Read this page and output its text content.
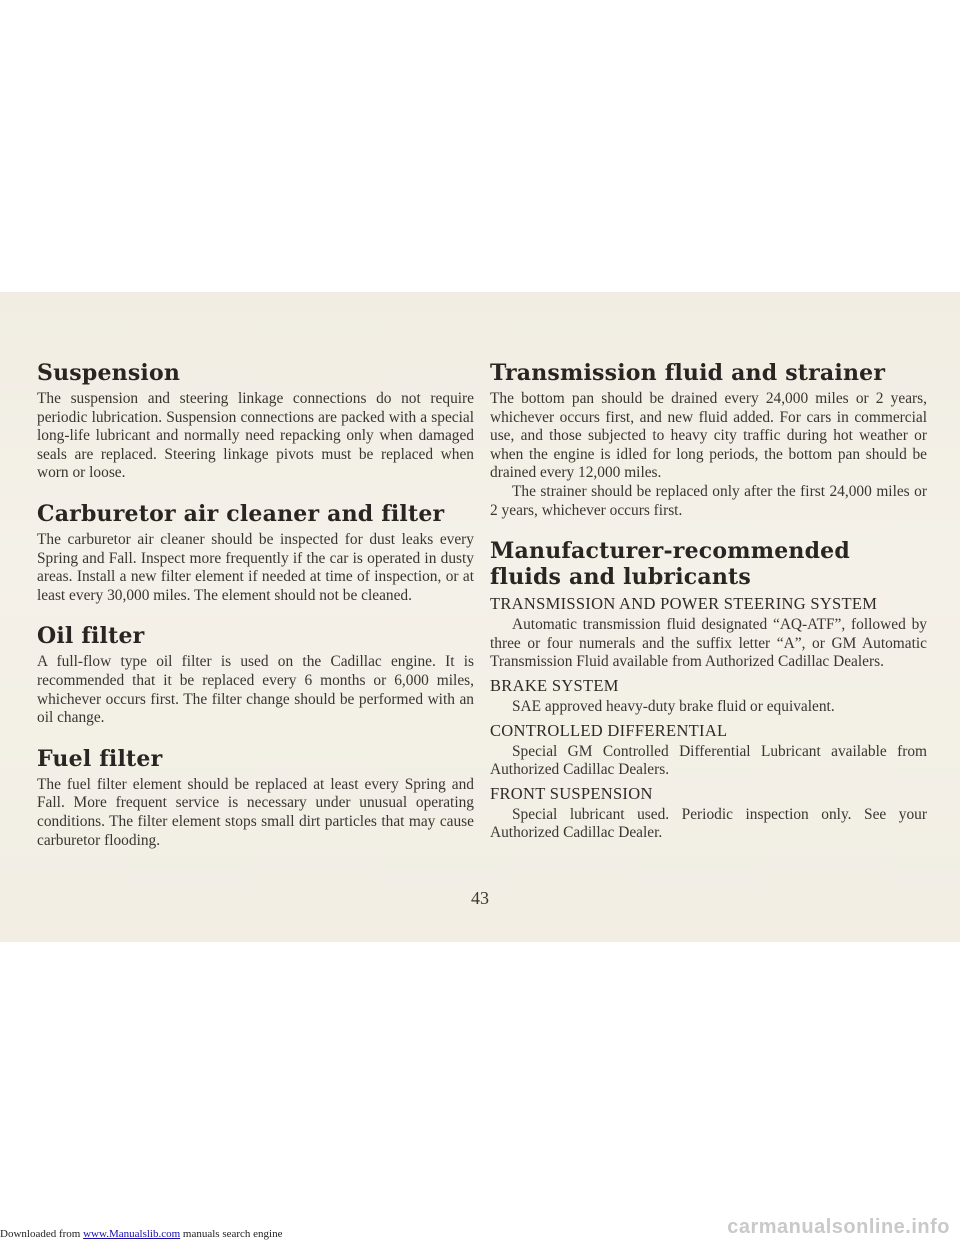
Suspension

The suspension and steering linkage connections do not require periodic lubrication. Suspension connections are packed with a special long-life lubricant and normally need repacking only when damaged seals are replaced. Steering linkage pivots must be replaced when worn or loose.

Carburetor air cleaner and filter

The carburetor air cleaner should be inspected for dust leaks every Spring and Fall. Inspect more frequently if the car is operated in dusty areas. Install a new filter element if needed at time of inspection, or at least every 30,000 miles. The element should not be cleaned.

Oil filter

A full-flow type oil filter is used on the Cadillac engine. It is recommended that it be replaced every 6 months or 6,000 miles, whichever occurs first. The filter change should be performed with an oil change.

Fuel filter

The fuel filter element should be replaced at least every Spring and Fall. More frequent service is necessary under unusual operating conditions. The filter element stops small dirt particles that may cause carburetor flooding.

Transmission fluid and strainer

The bottom pan should be drained every 24,000 miles or 2 years, whichever occurs first, and new fluid added. For cars in commercial use, and those subjected to heavy city traffic during hot weather or when the engine is idled for long periods, the bottom pan should be drained every 12,000 miles.

The strainer should be replaced only after the first 24,000 miles or 2 years, whichever occurs first.

Manufacturer-recommended fluids and lubricants
TRANSMISSION AND POWER STEERING SYSTEM

Automatic transmission fluid designated “AQ-ATF”, followed by three or four numerals and the suffix letter “A”, or GM Automatic Transmission Fluid available from Authorized Cadillac Dealers.

BRAKE SYSTEM

SAE approved heavy-duty brake fluid or equivalent.

CONTROLLED DIFFERENTIAL

Special GM Controlled Differential Lubricant available from Authorized Cadillac Dealers.

FRONT SUSPENSION

Special lubricant used. Periodic inspection only. See your Authorized Cadillac Dealer.

43
Downloaded from www.Manualslib.com manuals search engine	carmanualsonline.info
